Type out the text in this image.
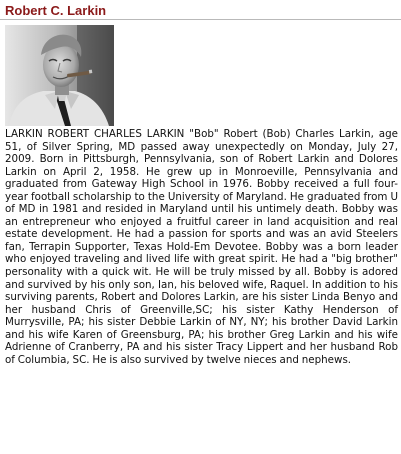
Robert C. Larkin

LARKIN ROBERT CHARLES LARKIN "Bob" Robert (Bob) Charles Larkin, age 51, of Silver Spring, MD passed away unexpectedly on Monday, July 27, 2009. Born in Pittsburgh, Pennsylvania, son of Robert Larkin and Dolores Larkin on April 2, 1958. He grew up in Monroeville, Pennsylvania and graduated from Gateway High School in 1976. Bobby received a full four-year football scholarship to the University of Maryland. He graduated from U of MD in 1981 and resided in Maryland until his untimely death. Bobby was an entrepreneur who enjoyed a fruitful career in land acquisition and real estate development. He had a passion for sports and was an avid Steelers fan, Terrapin Supporter, Texas Hold-Em Devotee. Bobby was a born leader who enjoyed traveling and lived life with great spirit. He had a "big brother" personality with a quick wit. He will be truly missed by all. Bobby is adored and survived by his only son, Ian, his beloved wife, Raquel. In addition to his surviving parents, Robert and Dolores Larkin, are his sister Linda Benyo and her husband Chris of Greenville,SC; his sister Kathy Henderson of Murrysville, PA; his sister Debbie Larkin of NY, NY; his brother David Larkin and his wife Karen of Greensburg, PA; his brother Greg Larkin and his wife Adrienne of Cranberry, PA and his sister Tracy Lippert and her husband Rob of Columbia, SC. He is also survived by twelve nieces and nephews.
